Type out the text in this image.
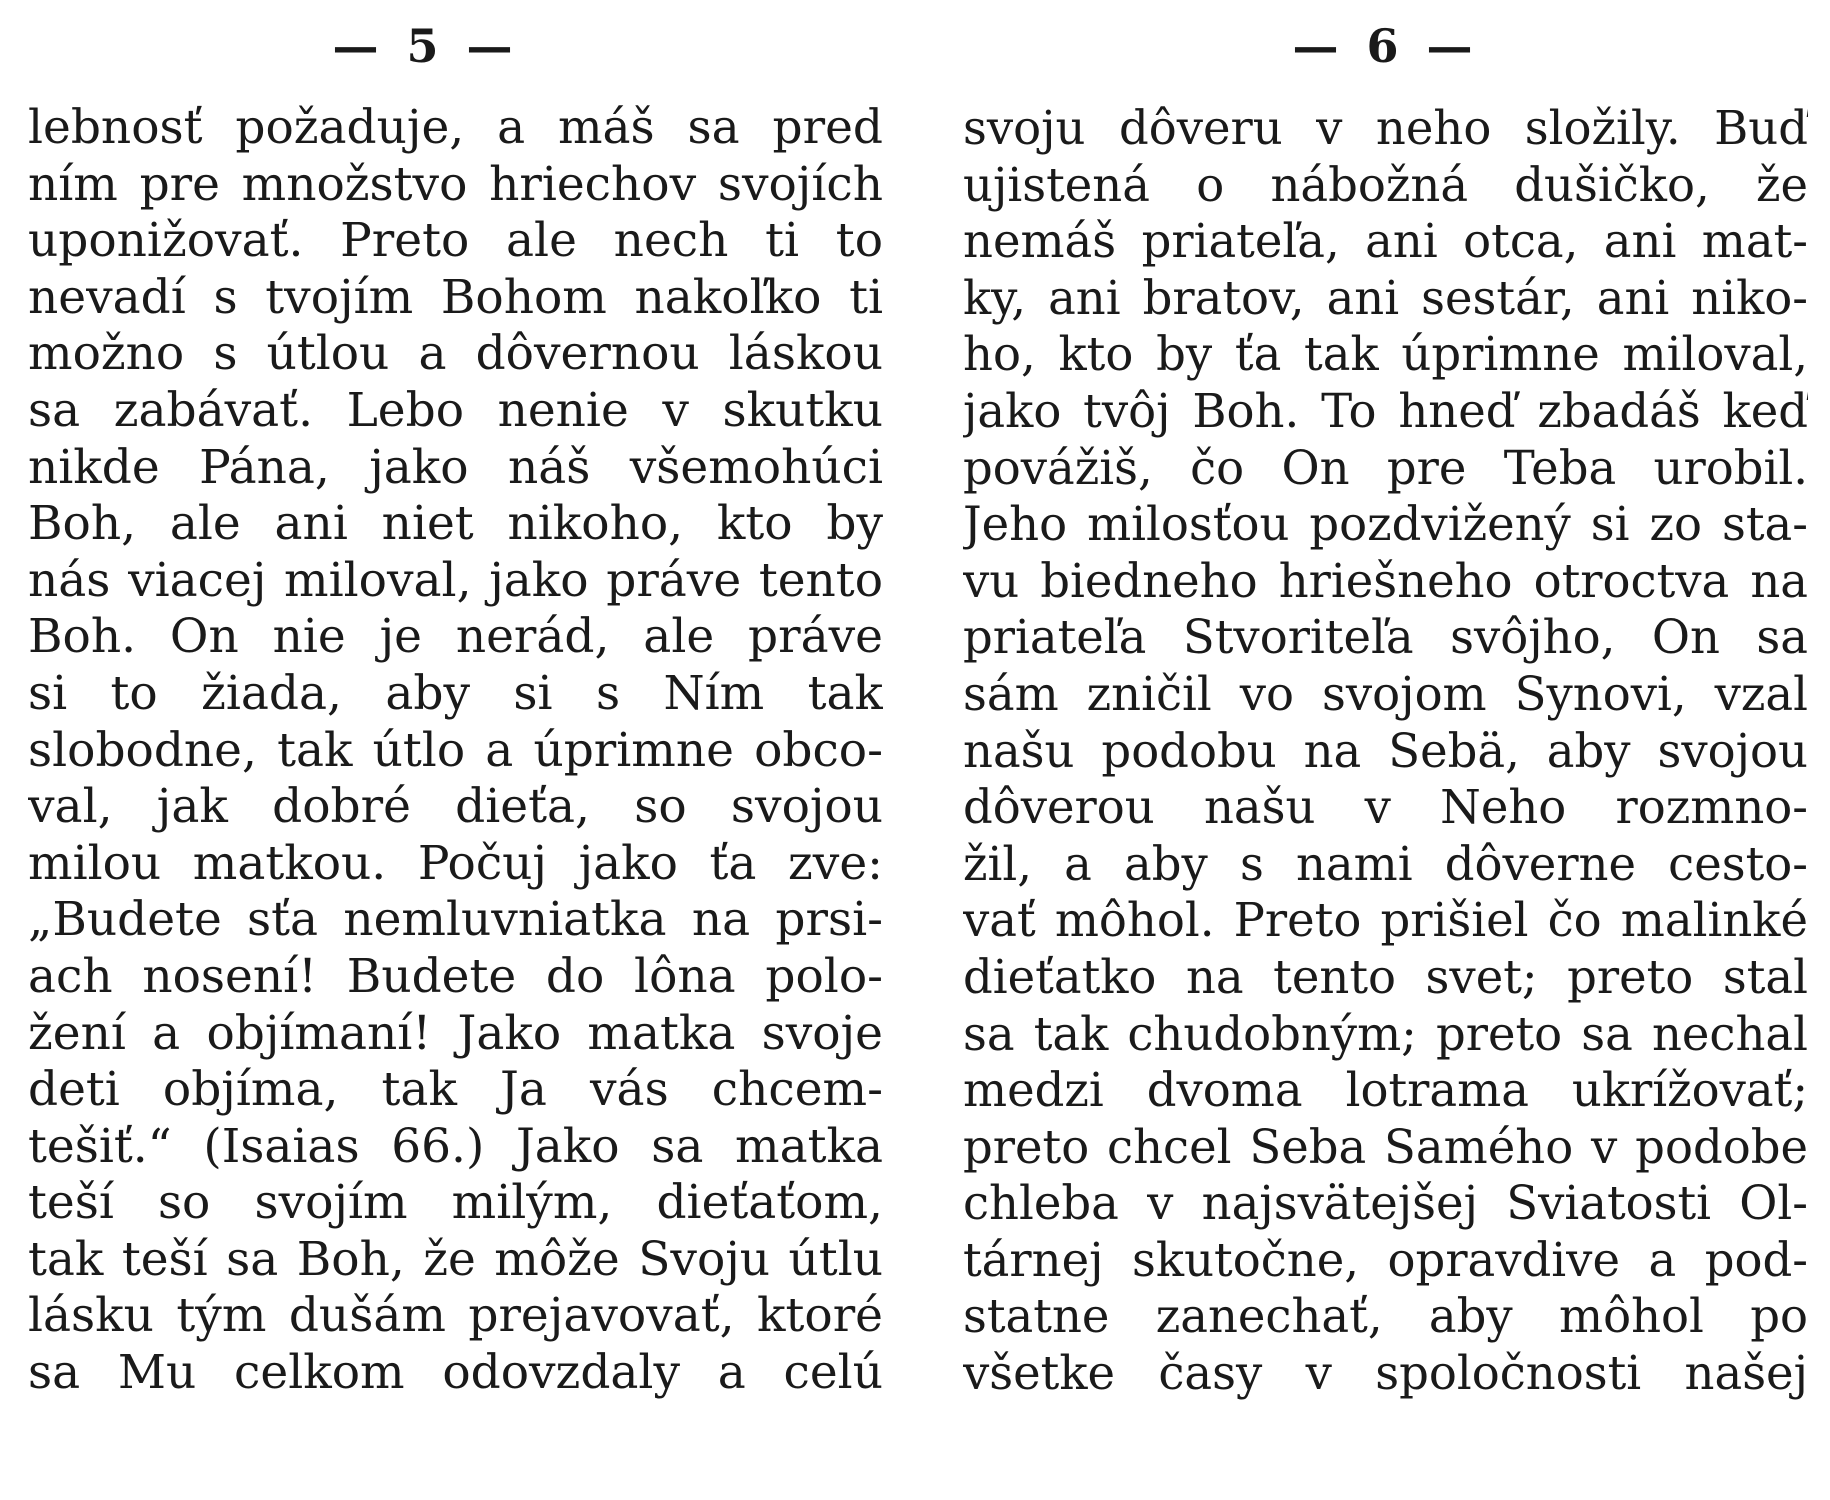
— 5 —
lebnosť požaduje, a máš sa pred
ním pre množstvo hriechov svojích
uponižovať. Preto ale nech ti to
nevadí s tvojím Bohom nakoľko ti
možno s útlou a dôvernou láskou
sa zabávať. Lebo nenie v skutku
nikde Pána, jako náš všemohúci
Boh, ale ani niet nikoho, kto by
nás viacej miloval, jako práve tento
Boh. On nie je nerád, ale práve
si to žiada, aby si s Ním tak
slobodne, tak útlo a úprimne obco-
val, jak dobré dieťa, so svojou
milou matkou. Počuj jako ťa zve:
„Budete sťa nemluvniatka na prsi-
ach nosení! Budete do lôna polo-
žení a objímaní! Jako matka svoje
deti objíma, tak Ja vás chcem-
tešiť.“ (Isaias 66.) Jako sa matka
teší so svojím milým, dieťaťom,
tak teší sa Boh, že môže Svoju útlu
lásku tým dušám prejavovať, ktoré
sa Mu celkom odovzdaly a celú
— 6 —
svoju dôveru v neho složily. Buď
ujistená o nábožná dušičko, že
nemáš priateľa, ani otca, ani mat-
ky, ani bratov, ani sestár, ani niko-
ho, kto by ťa tak úprimne miloval,
jako tvôj Boh. To hneď zbadáš keď
povážiš, čo On pre Teba urobil.
Jeho milosťou pozdvižený si zo sta-
vu biedneho hriešneho otroctva na
priateľa Stvoriteľa svôjho, On sa
sám zničil vo svojom Synovi, vzal
našu podobu na Sebä, aby svojou
dôverou našu v Neho rozmno-
žil, a aby s nami dôverne cesto-
vať môhol. Preto prišiel čo malinké
dieťatko na tento svet; preto stal
sa tak chudobným; preto sa nechal
medzi dvoma lotrama ukrížovať;
preto chcel Seba Samého v podobe
chleba v najsvätejšej Sviatosti Ol-
tárnej skutočne, opravdive a pod-
statne zanechať, aby môhol po
všetke časy v spoločnosti našej
